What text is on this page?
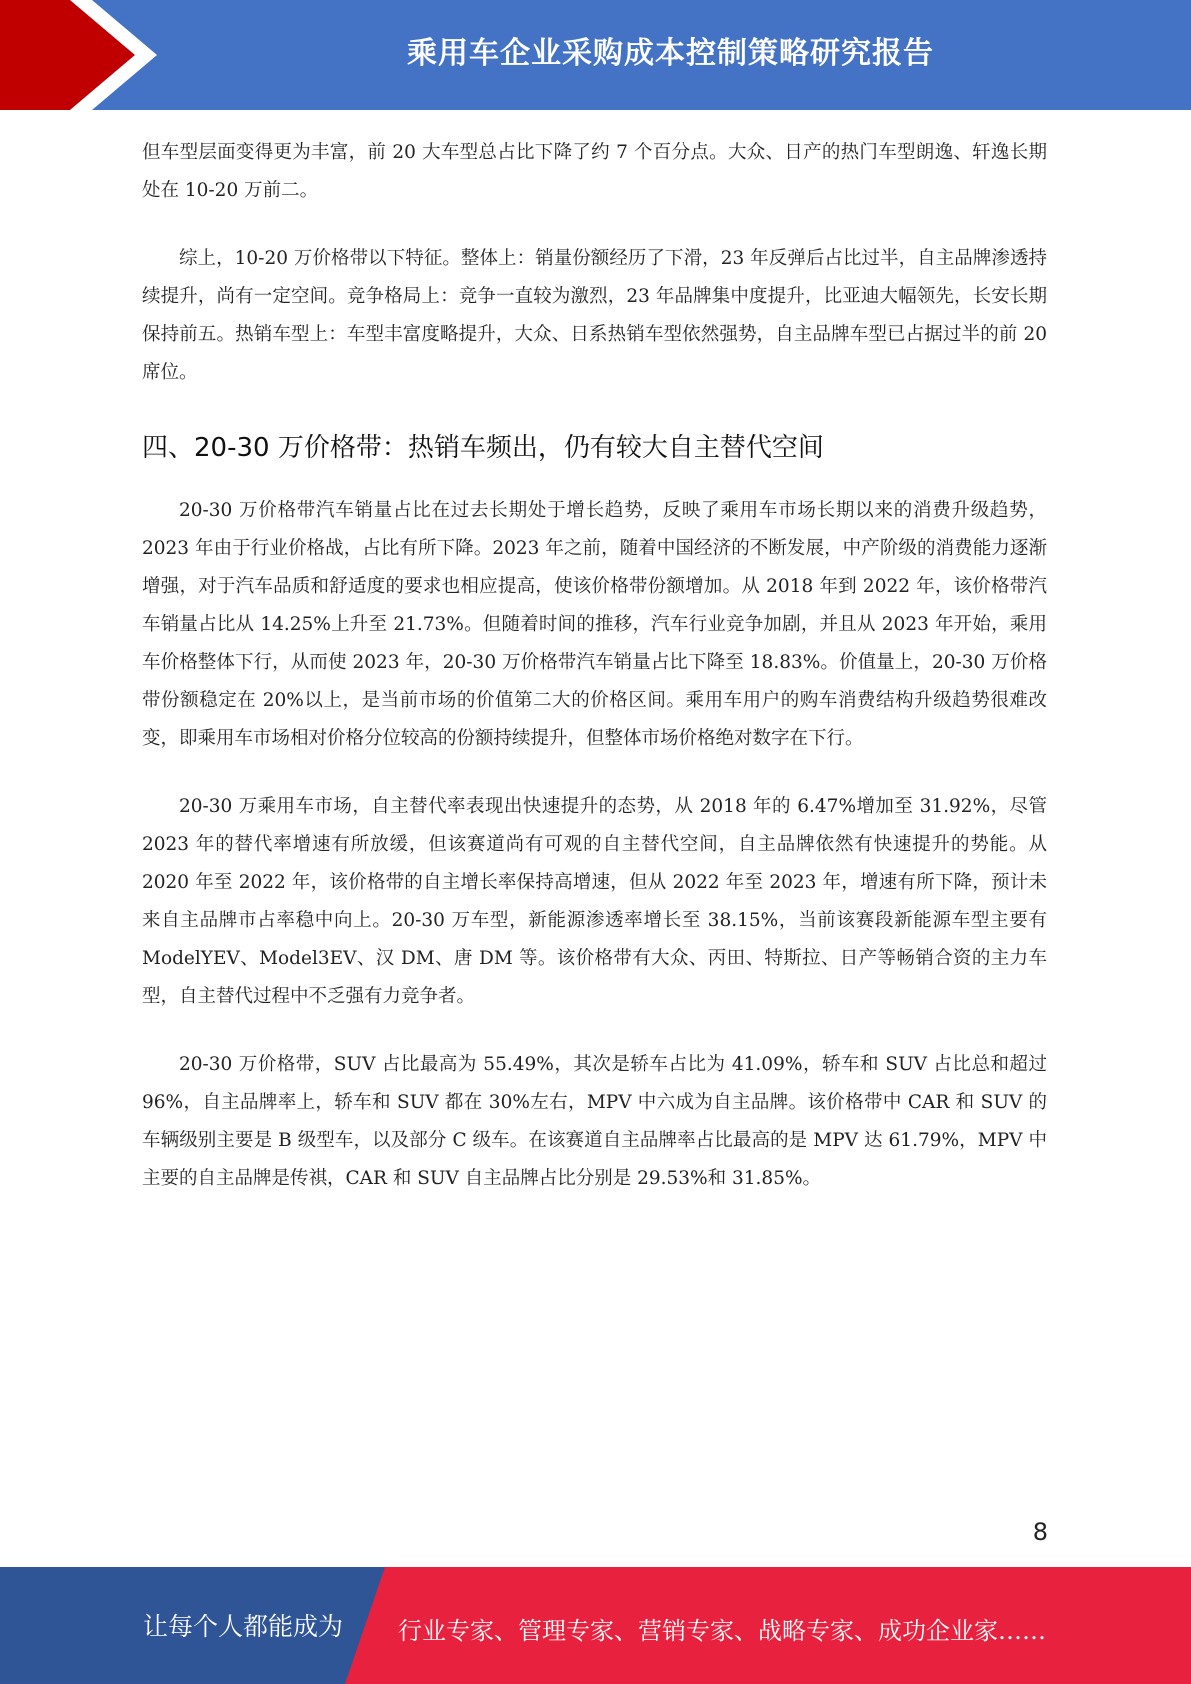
乘用车企业采购成本控制策略研究报告

但车型层面变得更为丰富，前 20 大车型总占比下降了约 7 个百分点。大众、日产的热门车型朗逸、轩逸长期处在 10-20 万前二。

综上，10-20 万价格带以下特征。整体上：销量份额经历了下滑，23 年反弹后占比过半，自主品牌渗透持续提升，尚有一定空间。竞争格局上：竞争一直较为激烈，23 年品牌集中度提升，比亚迪大幅领先，长安长期保持前五。热销车型上：车型丰富度略提升，大众、日系热销车型依然强势，自主品牌车型已占据过半的前 20 席位。

四、20-30 万价格带：热销车频出，仍有较大自主替代空间

20-30 万价格带汽车销量占比在过去长期处于增长趋势，反映了乘用车市场长期以来的消费升级趋势，2023 年由于行业价格战，占比有所下降。2023 年之前，随着中国经济的不断发展，中产阶级的消费能力逐渐增强，对于汽车品质和舒适度的要求也相应提高，使该价格带份额增加。从 2018 年到 2022 年，该价格带汽车销量占比从 14.25%上升至 21.73%。但随着时间的推移，汽车行业竞争加剧，并且从 2023 年开始，乘用车价格整体下行，从而使 2023 年，20-30 万价格带汽车销量占比下降至 18.83%。价值量上，20-30 万价格带份额稳定在 20%以上，是当前市场的价值第二大的价格区间。乘用车用户的购车消费结构升级趋势很难改变，即乘用车市场相对价格分位较高的份额持续提升，但整体市场价格绝对数字在下行。

20-30 万乘用车市场，自主替代率表现出快速提升的态势，从 2018 年的 6.47%增加至 31.92%，尽管 2023 年的替代率增速有所放缓，但该赛道尚有可观的自主替代空间，自主品牌依然有快速提升的势能。从 2020 年至 2022 年，该价格带的自主增长率保持高增速，但从 2022 年至 2023 年，增速有所下降，预计未来自主品牌市占率稳中向上。20-30 万车型，新能源渗透率增长至 38.15%，当前该赛段新能源车型主要有 ModelYEV、Model3EV、汉 DM、唐 DM 等。该价格带有大众、丙田、特斯拉、日产等畅销合资的主力车型，自主替代过程中不乏强有力竞争者。

20-30 万价格带，SUV 占比最高为 55.49%，其次是轿车占比为 41.09%，轿车和 SUV 占比总和超过 96%，自主品牌率上，轿车和 SUV 都在 30%左右，MPV 中六成为自主品牌。该价格带中 CAR 和 SUV 的车辆级别主要是 B 级型车，以及部分 C 级车。在该赛道自主品牌率占比最高的是 MPV 达 61.79%，MPV 中主要的自主品牌是传祺，CAR 和 SUV 自主品牌占比分别是 29.53%和 31.85%。

8
让每个人都能成为 行业专家、管理专家、营销专家、战略专家、成功企业家……
